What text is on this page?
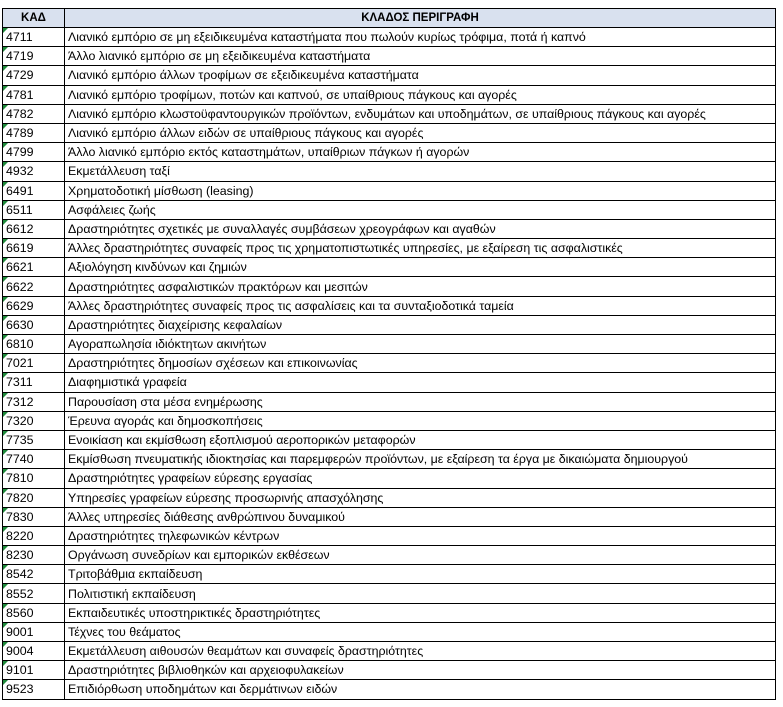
ΚΑΔ	ΚΛΑΔΟΣ ΠΕΡΙΓΡΑΦΗ

4711	Λιανικό εμπόριο σε μη εξειδικευμένα καταστήματα που πωλούν κυρίως τρόφιμα, ποτά ή καπνό

4719	Άλλο λιανικό εμπόριο σε μη εξειδικευμένα καταστήματα

4729	Λιανικό εμπόριο άλλων τροφίμων σε εξειδικευμένα καταστήματα

4781	Λιανικό εμπόριο τροφίμων, ποτών και καπνού, σε υπαίθριους πάγκους και αγορές

4782	Λιανικό εμπόριο κλωστοϋφαντουργικών προϊόντων, ενδυμάτων και υποδημάτων, σε υπαίθριους πάγκους και αγορές

4789	Λιανικό εμπόριο άλλων ειδών σε υπαίθριους πάγκους και αγορές

4799	Άλλο λιανικό εμπόριο εκτός καταστημάτων, υπαίθριων πάγκων ή αγορών

4932	Εκμετάλλευση ταξί

6491	Χρηματοδοτική μίσθωση (leasing)

6511	Ασφάλειες ζωής

6612	Δραστηριότητες σχετικές με συναλλαγές συμβάσεων χρεογράφων και αγαθών

6619	Άλλες δραστηριότητες συναφείς προς τις χρηματοπιστωτικές υπηρεσίες, με εξαίρεση τις ασφαλιστικές

6621	Αξιολόγηση κινδύνων και ζημιών

6622	Δραστηριότητες ασφαλιστικών πρακτόρων και μεσιτών

6629	Άλλες δραστηριότητες συναφείς προς τις ασφαλίσεις και τα συνταξιοδοτικά ταμεία

6630	Δραστηριότητες διαχείρισης κεφαλαίων

6810	Αγοραπωλησία ιδιόκτητων ακινήτων

7021	Δραστηριότητες δημοσίων σχέσεων και επικοινωνίας

7311	Διαφημιστικά γραφεία

7312	Παρουσίαση στα μέσα ενημέρωσης

7320	Έρευνα αγοράς και δημοσκοπήσεις

7735	Ενοικίαση και εκμίσθωση εξοπλισμού αεροπορικών μεταφορών

7740	Εκμίσθωση πνευματικής ιδιοκτησίας και παρεμφερών προϊόντων, με εξαίρεση τα έργα με δικαιώματα δημιουργού

7810	Δραστηριότητες γραφείων εύρεσης εργασίας

7820	Υπηρεσίες γραφείων εύρεσης προσωρινής απασχόλησης

7830	Άλλες υπηρεσίες διάθεσης ανθρώπινου δυναμικού

8220	Δραστηριότητες τηλεφωνικών κέντρων

8230	Οργάνωση συνεδρίων και εμπορικών εκθέσεων

8542	Τριτοβάθμια εκπαίδευση

8552	Πολιτιστική εκπαίδευση

8560	Εκπαιδευτικές υποστηρικτικές δραστηριότητες

9001	Τέχνες του θεάματος

9004	Εκμετάλλευση αιθουσών θεαμάτων και συναφείς δραστηριότητες

9101	Δραστηριότητες βιβλιοθηκών και αρχειοφυλακείων

9523	Επιδιόρθωση υποδημάτων και δερμάτινων ειδών
